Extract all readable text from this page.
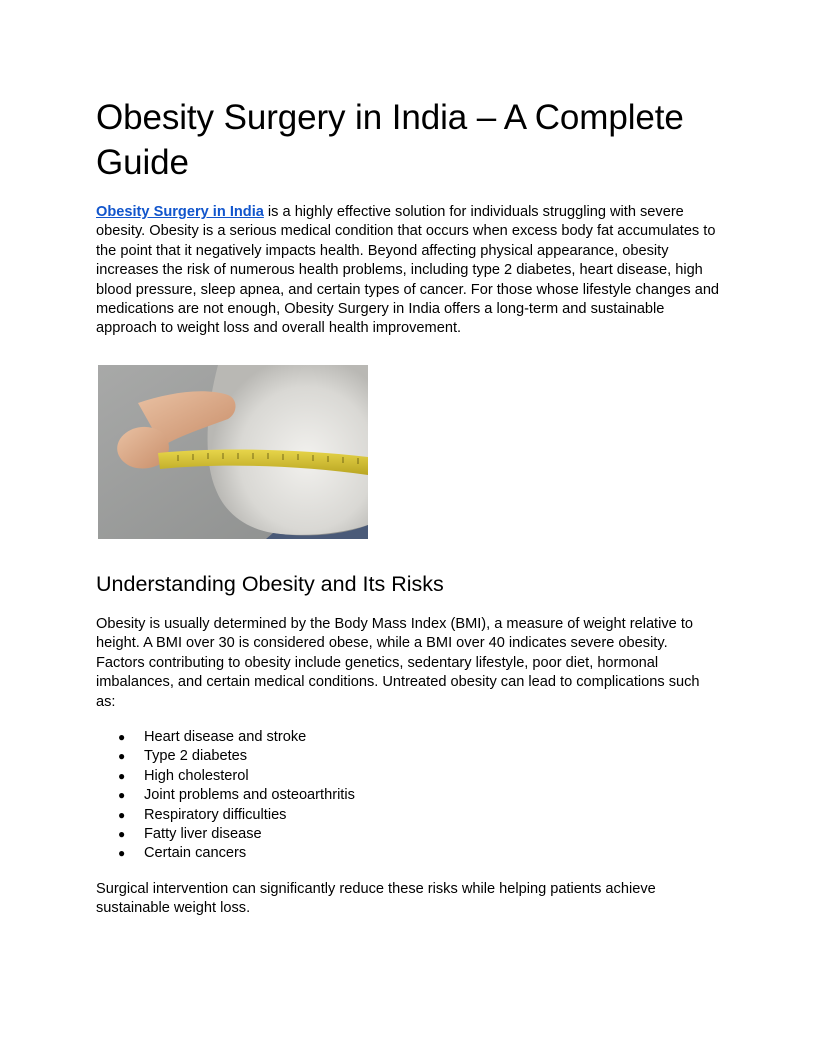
Obesity Surgery in India – A Complete Guide

Obesity Surgery in India is a highly effective solution for individuals struggling with severe obesity. Obesity is a serious medical condition that occurs when excess body fat accumulates to the point that it negatively impacts health. Beyond affecting physical appearance, obesity increases the risk of numerous health problems, including type 2 diabetes, heart disease, high blood pressure, sleep apnea, and certain types of cancer. For those whose lifestyle changes and medications are not enough, Obesity Surgery in India offers a long-term and sustainable approach to weight loss and overall health improvement.

Understanding Obesity and Its Risks

Obesity is usually determined by the Body Mass Index (BMI), a measure of weight relative to height. A BMI over 30 is considered obese, while a BMI over 40 indicates severe obesity. Factors contributing to obesity include genetics, sedentary lifestyle, poor diet, hormonal imbalances, and certain medical conditions. Untreated obesity can lead to complications such as:

● Heart disease and stroke
● Type 2 diabetes
● High cholesterol
● Joint problems and osteoarthritis
● Respiratory difficulties
● Fatty liver disease
● Certain cancers

Surgical intervention can significantly reduce these risks while helping patients achieve sustainable weight loss.
